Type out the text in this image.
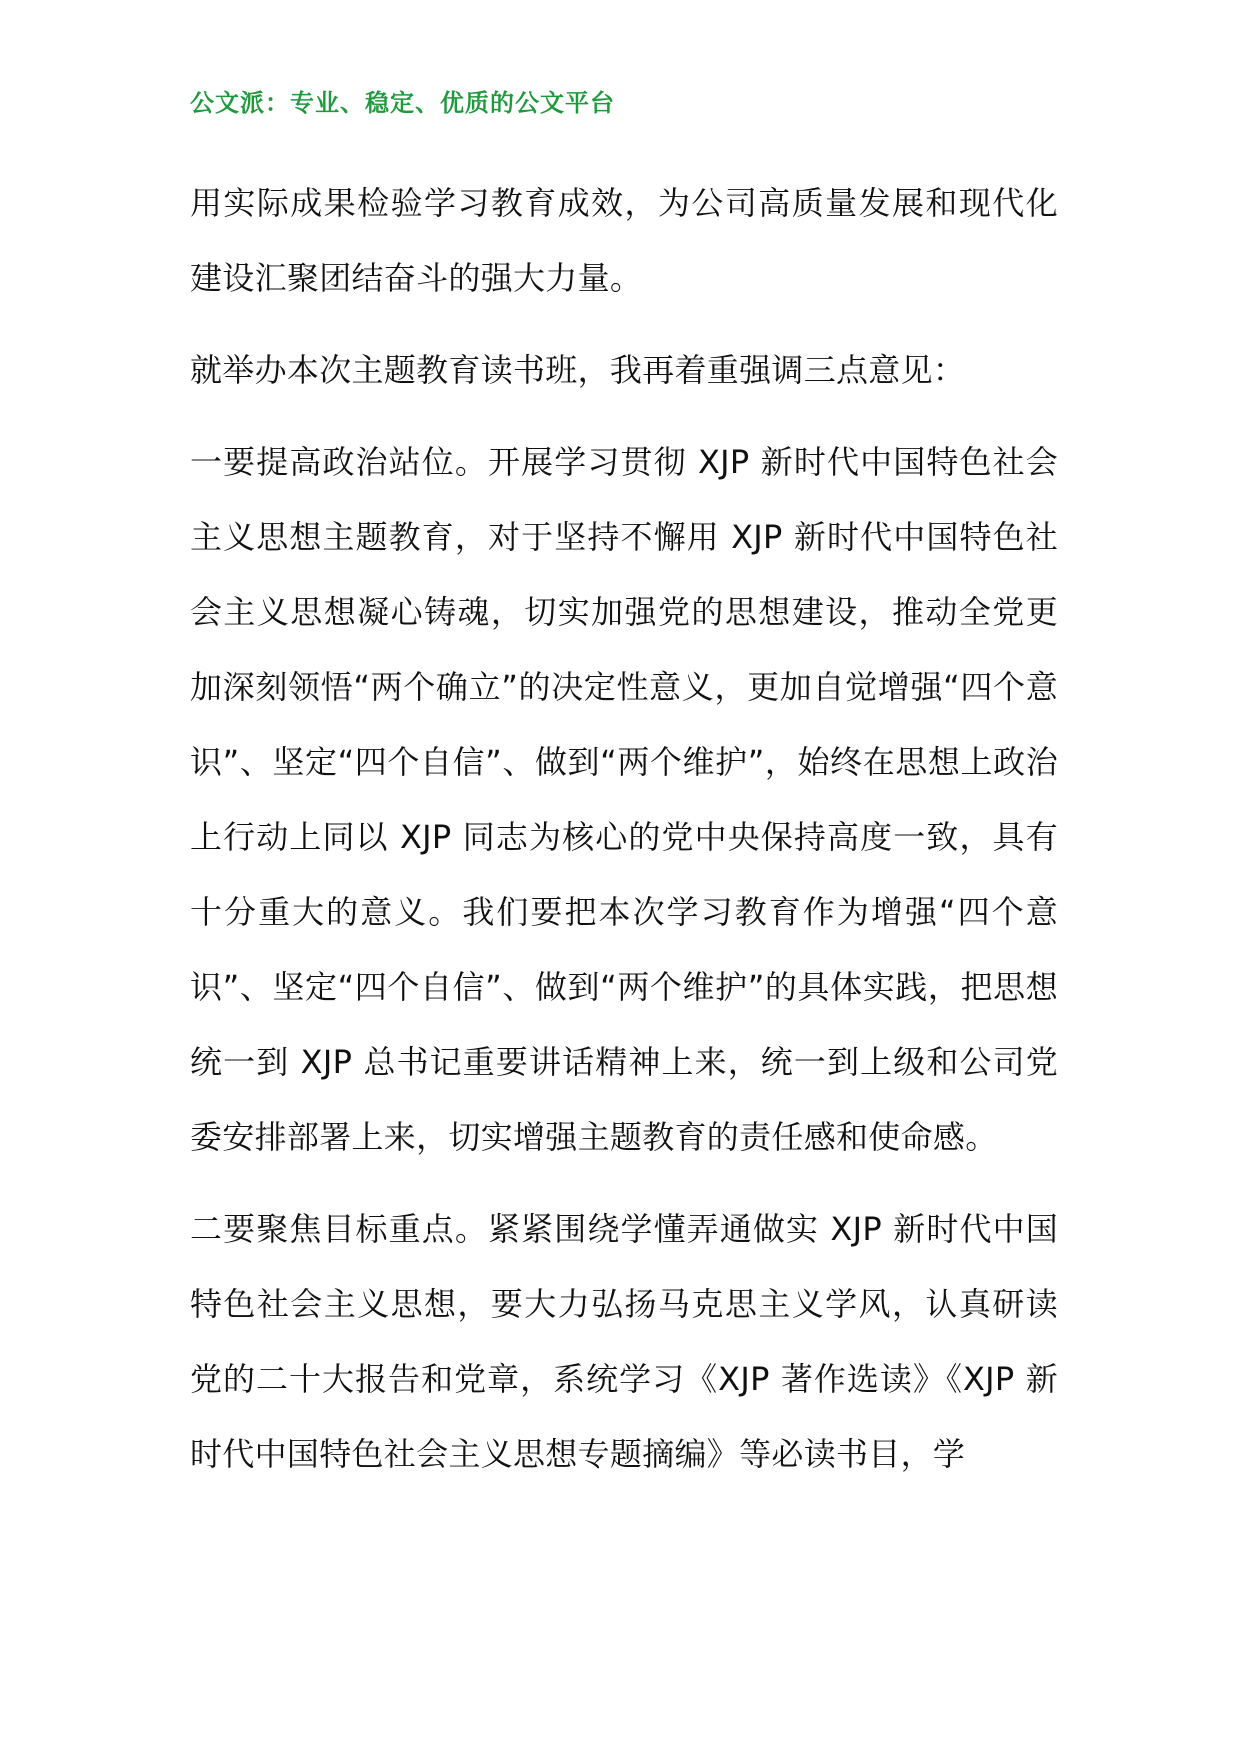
公文派：专业、稳定、优质的公文平台

用实际成果检验学习教育成效，为公司高质量发展和现代化建设汇聚团结奋斗的强大力量。

就举办本次主题教育读书班，我再着重强调三点意见：

一要提高政治站位。开展学习贯彻 XJP 新时代中国特色社会主义思想主题教育，对于坚持不懈用 XJP 新时代中国特色社会主义思想凝心铸魂，切实加强党的思想建设，推动全党更加深刻领悟“两个确立”的决定性意义，更加自觉增强“四个意识”、坚定“四个自信”、做到“两个维护”，始终在思想上政治上行动上同以 XJP 同志为核心的党中央保持高度一致，具有十分重大的意义。我们要把本次学习教育作为增强“四个意识”、坚定“四个自信”、做到“两个维护”的具体实践，把思想统一到 XJP 总书记重要讲话精神上来，统一到上级和公司党委安排部署上来，切实增强主题教育的责任感和使命感。

二要聚焦目标重点。紧紧围绕学懂弄通做实 XJP 新时代中国特色社会主义思想，要大力弘扬马克思主义学风，认真研读党的二十大报告和党章，系统学习《XJP 著作选读》《XJP 新时代中国特色社会主义思想专题摘编》等必读书目，学
